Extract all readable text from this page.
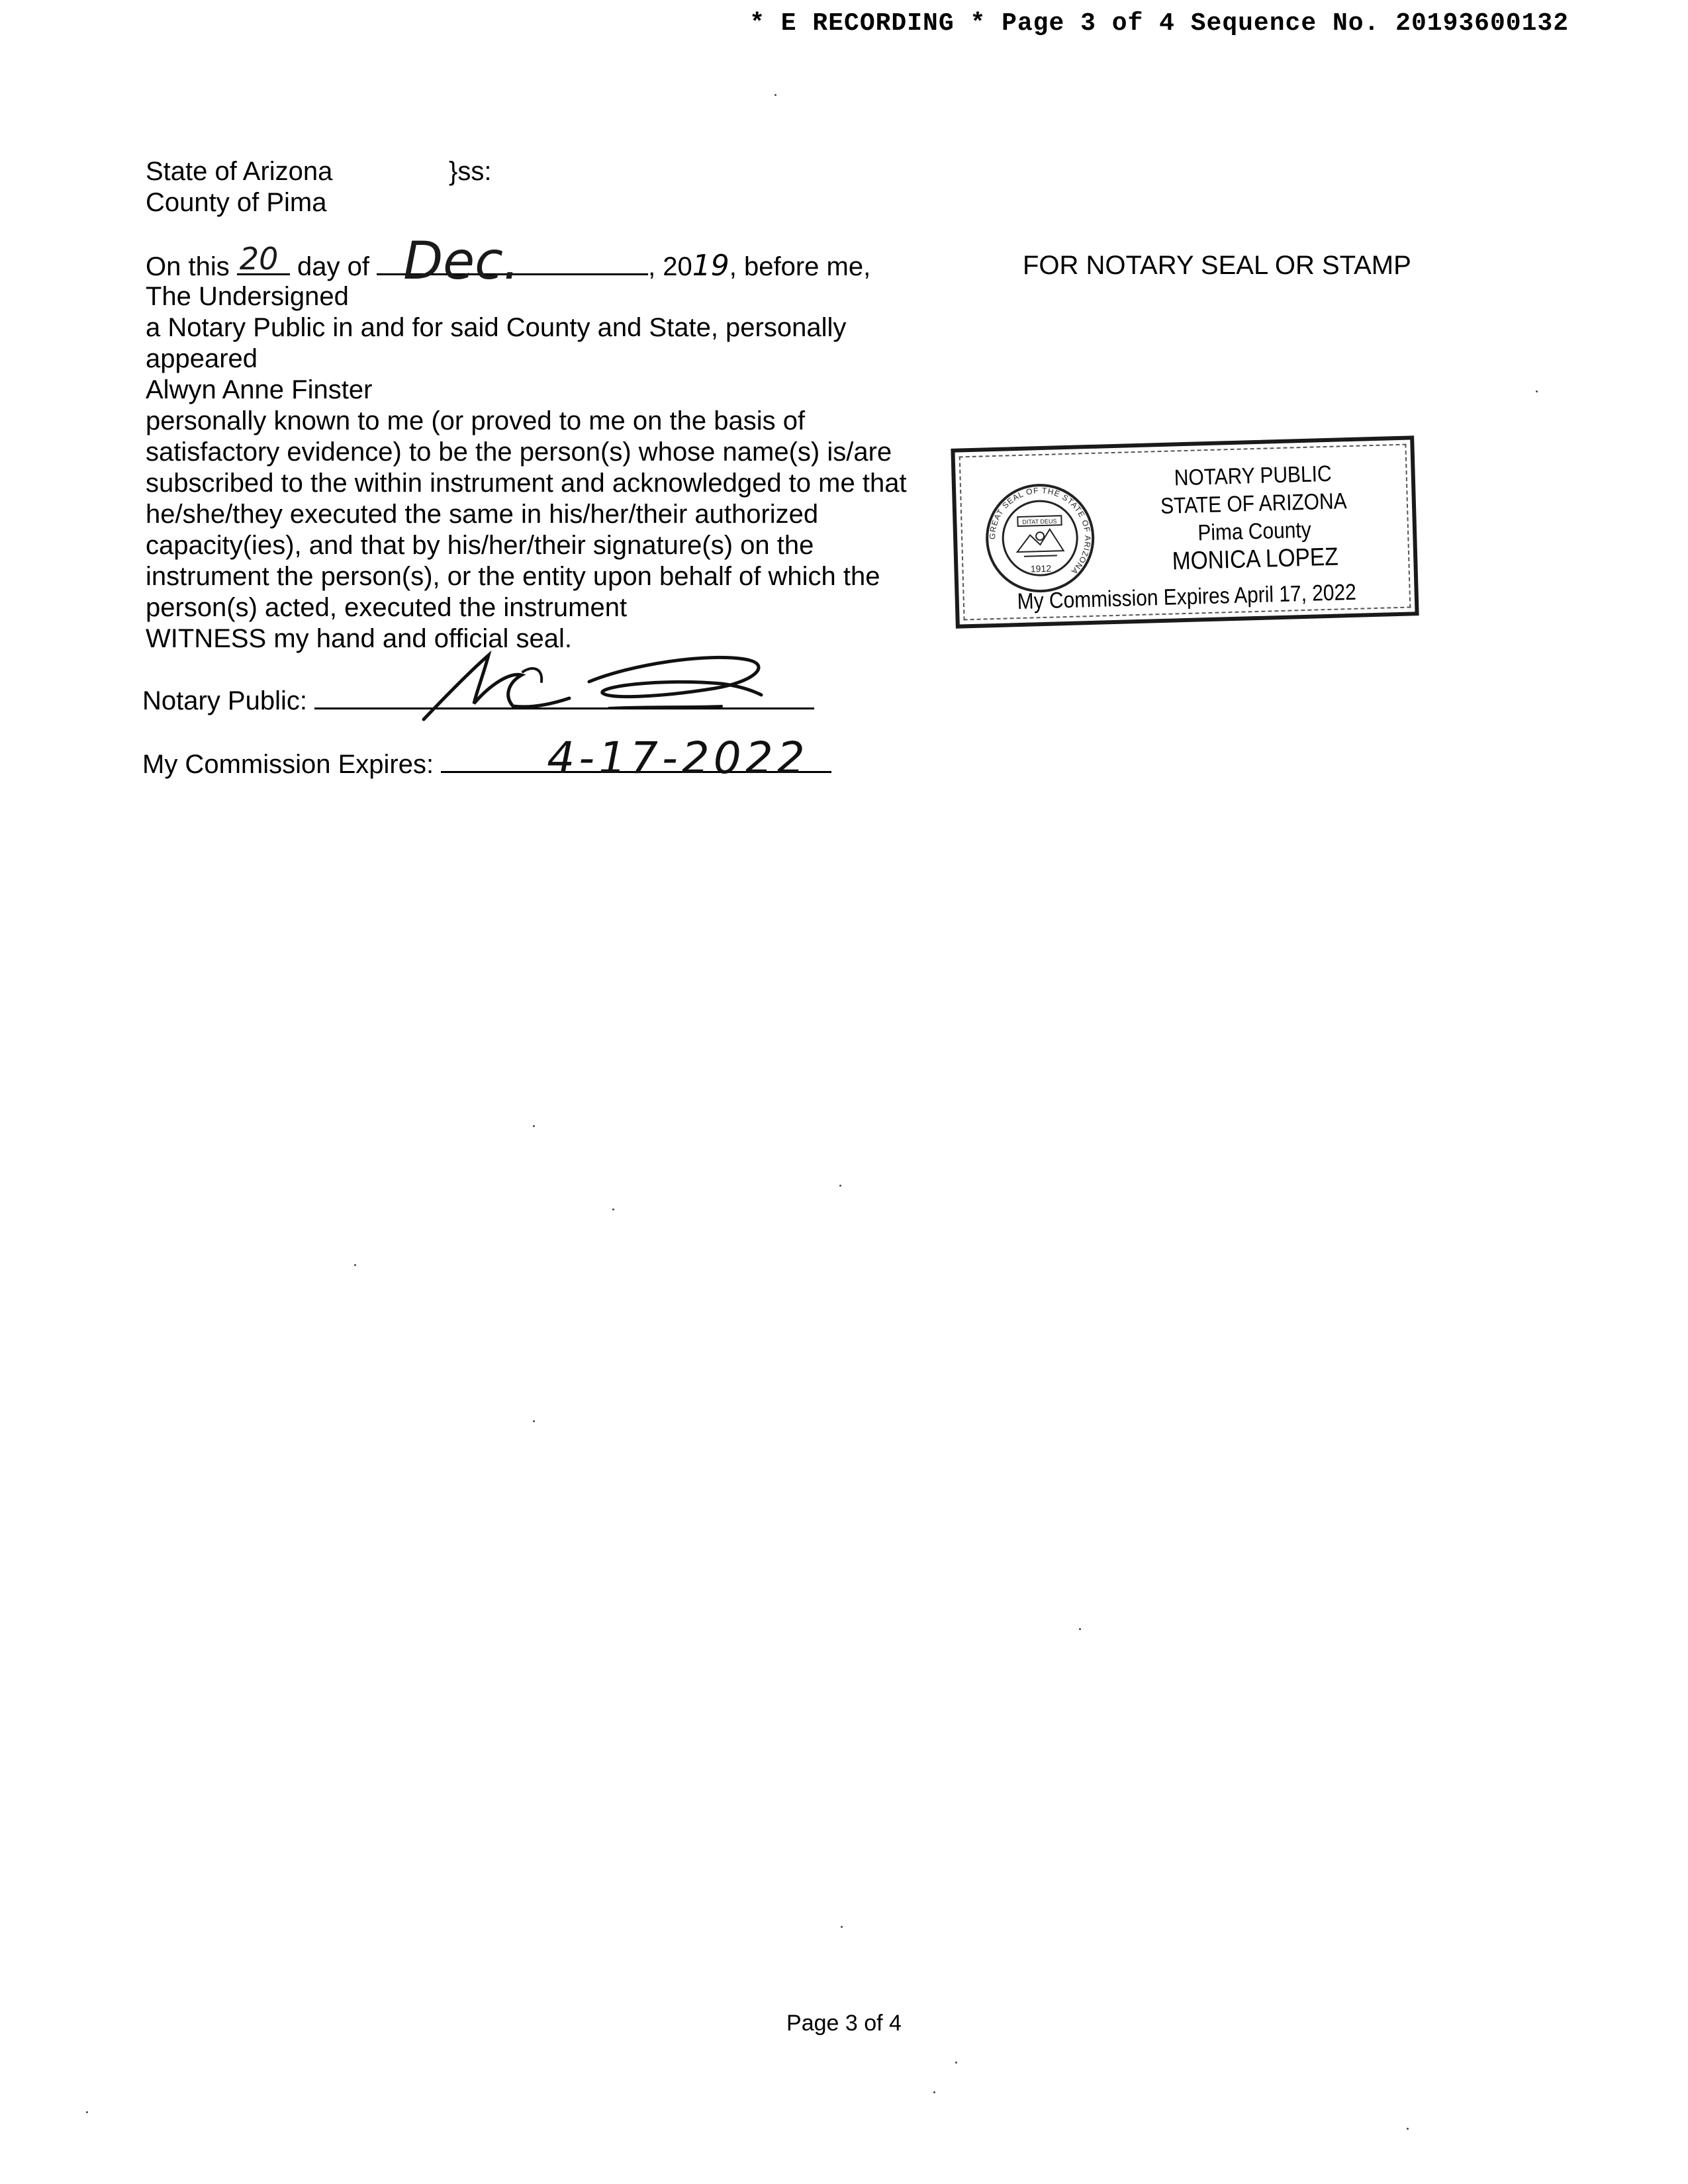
* E RECORDING * Page 3 of 4 Sequence No. 20193600132
State of Arizona	}ss:
County of Pima
On this 20 day of Dec.	, 2019, before me,
The Undersigned
a Notary Public in and for said County and State, personally
appeared
Alwyn Anne Finster
personally known to me (or proved to me on the basis of
satisfactory evidence) to be the person(s) whose name(s) is/are
subscribed to the within instrument and acknowledged to me that
he/she/they executed the same in his/her/their authorized
capacity(ies), and that by his/her/their signature(s) on the
instrument the person(s), or the entity upon behalf of which the
person(s) acted, executed the instrument
WITNESS my hand and official seal.
FOR NOTARY SEAL OR STAMP
Notary Public:
My Commission Expires:	4-17-2022
GREAT SEAL OF THE STATE OF ARIZONA
DITAT DEUS
1912
NOTARY PUBLIC
STATE OF ARIZONA
Pima County
MONICA LOPEZ
My Commission Expires April 17, 2022
Page 3 of 4
